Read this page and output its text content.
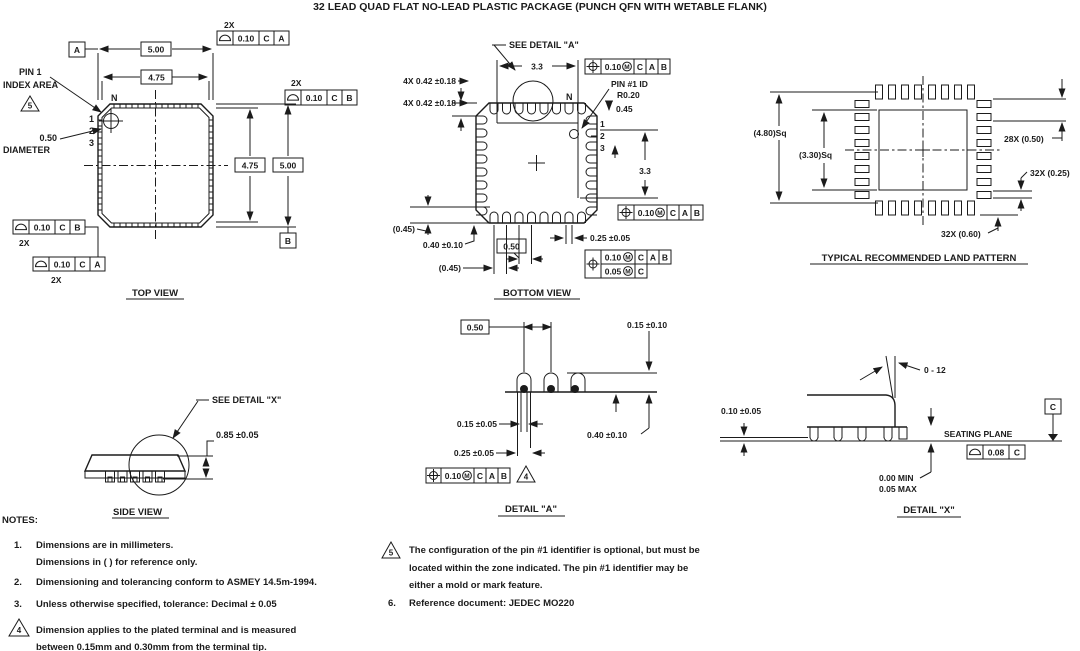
32 LEAD QUAD FLAT NO-LEAD PLASTIC PACKAGE (PUNCH QFN WITH WETABLE FLANK)
PIN 1
INDEX AREA
5
0.50
DIAMETER
1
2
3
N
5.00
A
4.75
2X
0.10 C A
4.75	5.00
B
2X
0.10 C B
0.10 C B
2X
0.10 C A
2X
TOP VIEW
SEE DETAIL "A"
3.3	0.10 M C A B
4X 0.42 ±0.18
4X 0.42 ±0.18
PIN #1 ID
R0.20
0.45
1
2
3
N
3.3
0.10 M C A B
(0.45)
0.40 ±0.10
(0.45)
0.50
0.25 ±0.05
0.10 M C A B
0.05 M C
BOTTOM VIEW
(4.80)Sq
(3.30)Sq
28X (0.50)
32X (0.25)
32X (0.60)
TYPICAL RECOMMENDED LAND PATTERN
SEE DETAIL "X"
0.85 ±0.05
SIDE VIEW
0.50	0.15 ±0.10
0.40 ±0.10
0.15 ±0.05
0.25 ±0.05
0.10 M C A B 4
DETAIL "A"
0 - 12
0.10 ±0.05
SEATING PLANE
C
0.08 C
0.00 MIN
0.05 MAX
DETAIL "X"
NOTES:
1. Dimensions are in millimeters.
Dimensions in ( ) for reference only.
2. Dimensioning and tolerancing conform to ASMEY 14.5m-1994.
3. Unless otherwise specified, tolerance: Decimal ± 0.05
4 Dimension applies to the plated terminal and is measured
between 0.15mm and 0.30mm from the terminal tip.
5 The configuration of the pin #1 identifier is optional, but must be
located within the zone indicated. The pin #1 identifier may be
either a mold or mark feature.
6. Reference document: JEDEC MO220
